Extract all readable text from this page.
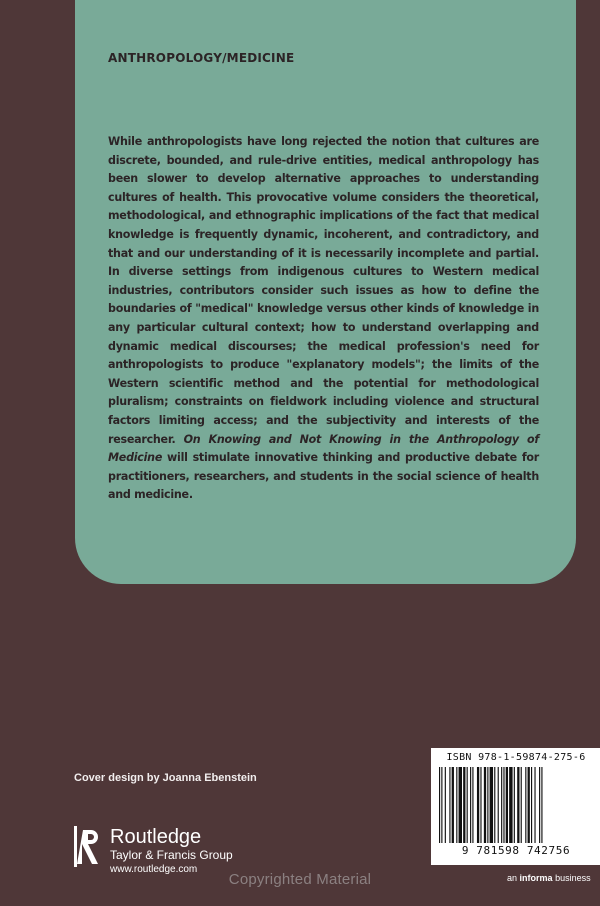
ANTHROPOLOGY/MEDICINE
While anthropologists have long rejected the notion that cultures are discrete, bounded, and rule-drive entities, medical anthropology has been slower to develop alternative approaches to understanding cultures of health. This provocative volume considers the theoretical, methodological, and ethnographic implications of the fact that medical knowledge is frequently dynamic, incoherent, and contradictory, and that and our understanding of it is necessarily incomplete and partial. In diverse settings from indigenous cultures to Western medical industries, contributors consider such issues as how to define the boundaries of "medical" knowledge versus other kinds of knowledge in any particular cultural context; how to understand overlapping and dynamic medical discourses; the medical profession's need for anthropologists to produce "explanatory models"; the limits of the Western scientific method and the potential for methodological pluralism; constraints on fieldwork including violence and structural factors limiting access; and the subjectivity and interests of the researcher. On Knowing and Not Knowing in the Anthropology of Medicine will stimulate innovative thinking and productive debate for practitioners, researchers, and students in the social science of health and medicine.
Cover design by Joanna Ebenstein
Routledge
Taylor & Francis Group
www.routledge.com
ISBN 978-1-59874-275-6
9 781598 742756
an informa business
Copyrighted Material
